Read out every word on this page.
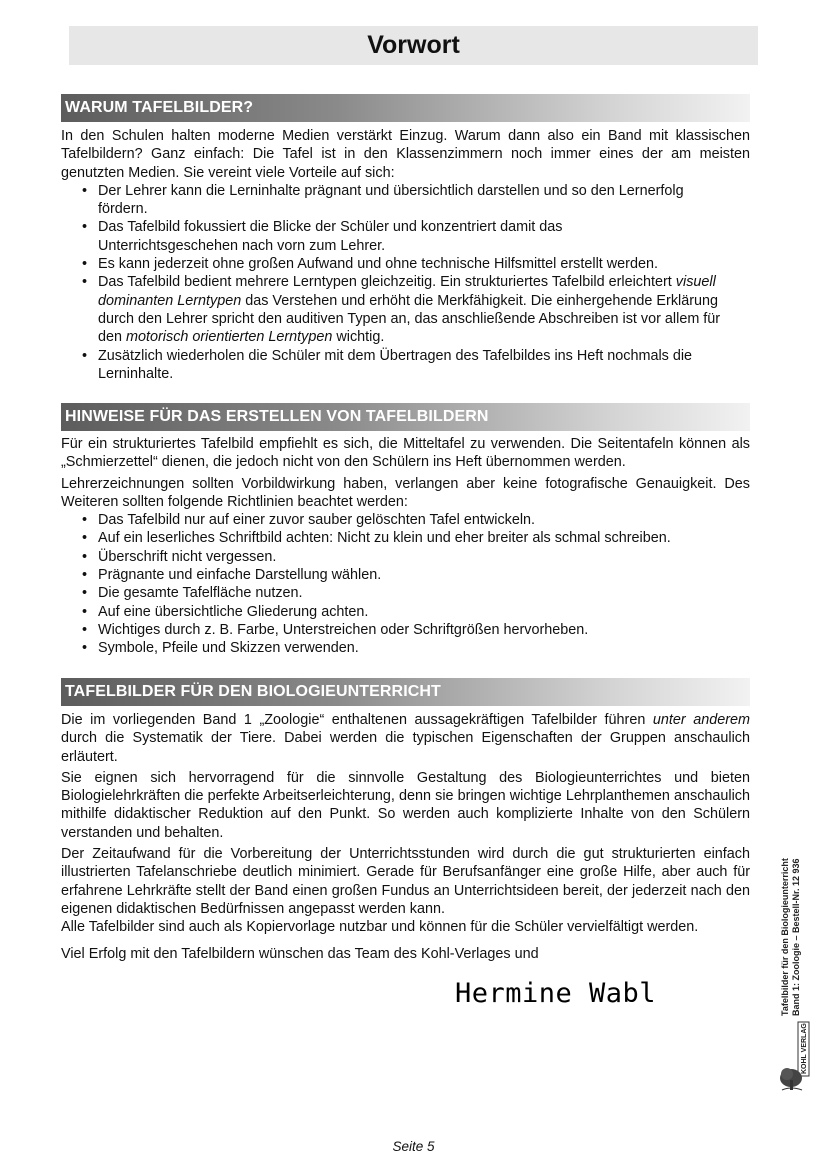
Vorwort
WARUM TAFELBILDER?

In den Schulen halten moderne Medien verstärkt Einzug. Warum dann also ein Band mit klassischen Tafelbildern? Ganz einfach: Die Tafel ist in den Klassenzimmern noch immer eines der am meisten genutzten Medien. Sie vereint viele Vorteile auf sich:

• Der Lehrer kann die Lerninhalte prägnant und übersichtlich darstellen und so den Lernerfolg fördern.
• Das Tafelbild fokussiert die Blicke der Schüler und konzentriert damit das Unterrichtsgeschehen nach vorn zum Lehrer.
• Es kann jederzeit ohne großen Aufwand und ohne technische Hilfsmittel erstellt werden.
• Das Tafelbild bedient mehrere Lerntypen gleichzeitig. Ein strukturiertes Tafelbild erleichtert visuell dominanten Lerntypen das Verstehen und erhöht die Merkfähigkeit. Die einhergehende Erklärung durch den Lehrer spricht den auditiven Typen an, das anschließende Abschreiben ist vor allem für den motorisch orientierten Lerntypen wichtig.
• Zusätzlich wiederholen die Schüler mit dem Übertragen des Tafelbildes ins Heft nochmals die Lerninhalte.
HINWEISE FÜR DAS ERSTELLEN VON TAFELBILDERN

Für ein strukturiertes Tafelbild empfiehlt es sich, die Mitteltafel zu verwenden. Die Seitentafeln können als „Schmierzettel“ dienen, die jedoch nicht von den Schülern ins Heft übernommen werden.

Lehrerzeichnungen sollten Vorbildwirkung haben, verlangen aber keine fotografische Genauigkeit. Des Weiteren sollten folgende Richtlinien beachtet werden:

• Das Tafelbild nur auf einer zuvor sauber gelöschten Tafel entwickeln.
• Auf ein leserliches Schriftbild achten: Nicht zu klein und eher breiter als schmal schreiben.
• Überschrift nicht vergessen.
• Prägnante und einfache Darstellung wählen.
• Die gesamte Tafelfläche nutzen.
• Auf eine übersichtliche Gliederung achten.
• Wichtiges durch z. B. Farbe, Unterstreichen oder Schriftgrößen hervorheben.
• Symbole, Pfeile und Skizzen verwenden.
TAFELBILDER FÜR DEN BIOLOGIEUNTERRICHT

Die im vorliegenden Band 1 „Zoologie“ enthaltenen aussagekräftigen Tafelbilder führen unter anderem durch die Systematik der Tiere. Dabei werden die typischen Eigenschaften der Gruppen anschaulich erläutert.

Sie eignen sich hervorragend für die sinnvolle Gestaltung des Biologieunterrichtes und bieten Biologielehrkräften die perfekte Arbeitserleichterung, denn sie bringen wichtige Lehrplanthemen anschaulich mithilfe didaktischer Reduktion auf den Punkt. So werden auch komplizierte Inhalte von den Schülern verstanden und behalten.

Der Zeitaufwand für die Vorbereitung der Unterrichtsstunden wird durch die gut strukturierten einfach illustrierten Tafelanschriebe deutlich minimiert. Gerade für Berufsanfänger eine große Hilfe, aber auch für erfahrene Lehrkräfte stellt der Band einen großen Fundus an Unterrichtsideen bereit, der jederzeit nach den eigenen didaktischen Bedürfnissen angepasst werden kann.

Alle Tafelbilder sind auch als Kopiervorlage nutzbar und können für die Schüler vervielfältigt werden.

Viel Erfolg mit den Tafelbildern wünschen das Team des Kohl-Verlages und

Hermine Wabl	Tafelbilder für den Biologieunterricht Band 1: Zoologie – Bestell-Nr. 12 936
KOHL VERLAG
Seite 5
